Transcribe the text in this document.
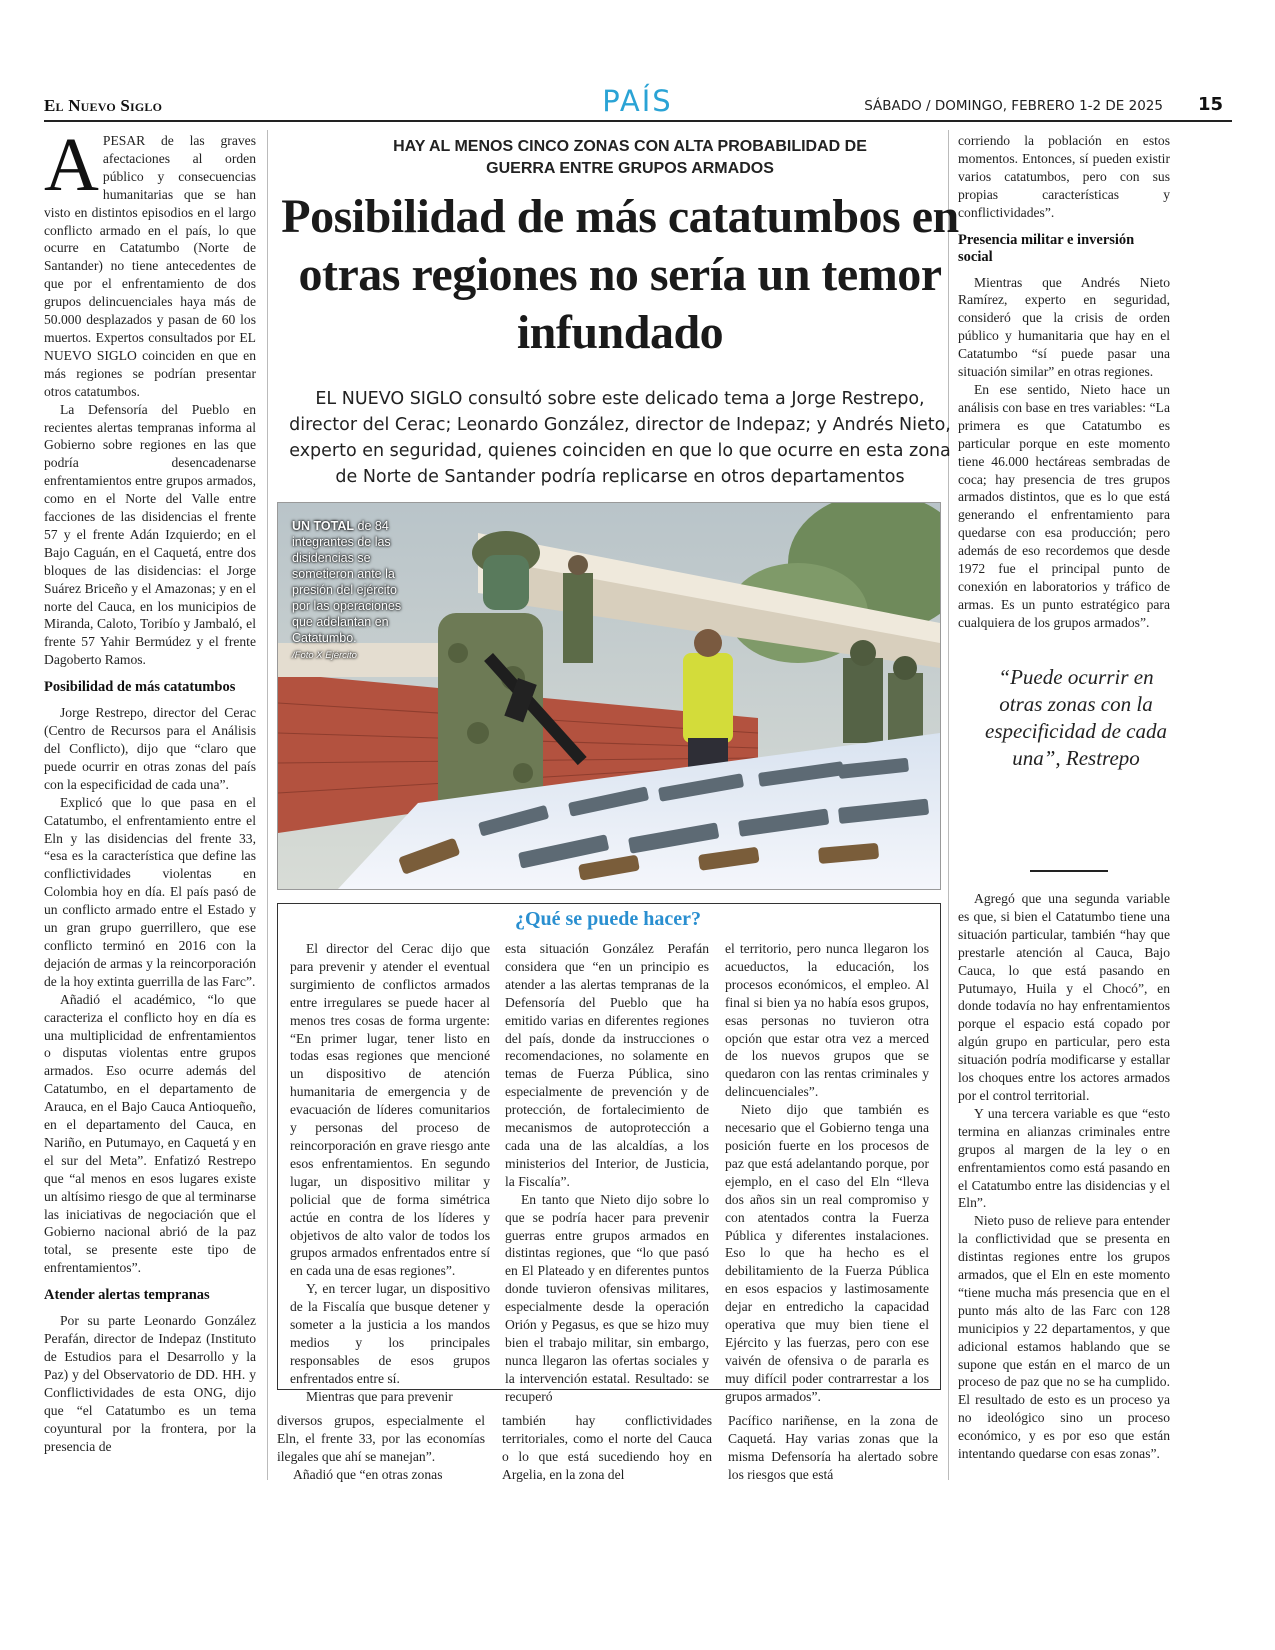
El Nuevo Siglo	PAÍS	SÁBADO / DOMINGO, FEBRERO 1-2 DE 2025 15

APESAR de las graves afectaciones al orden público y consecuencias humanitarias que se han visto en distintos episodios en el largo conflicto armado en el país, lo que ocurre en Catatumbo (Norte de Santander) no tiene antecedentes de que por el enfrentamiento de dos grupos delincuenciales haya más de 50.000 desplazados y pasan de 60 los muertos. Expertos consultados por EL NUEVO SIGLO coinciden en que en más regiones se podrían presentar otros catatumbos.

La Defensoría del Pueblo en recientes alertas tempranas informa al Gobierno sobre regiones en las que podría desencadenarse enfrentamientos entre grupos armados, como en el Norte del Valle entre facciones de las disidencias el frente 57 y el frente Adán Izquierdo; en el Bajo Caguán, en el Caquetá, entre dos bloques de las disidencias: el Jorge Suárez Briceño y el Amazonas; y en el norte del Cauca, en los municipios de Miranda, Caloto, Toribío y Jambaló, el frente 57 Yahir Bermúdez y el frente Dagoberto Ramos.

Posibilidad de más catatumbos

Jorge Restrepo, director del Cerac (Centro de Recursos para el Análisis del Conflicto), dijo que “claro que puede ocurrir en otras zonas del país con la especificidad de cada una”.

Explicó que lo que pasa en el Catatumbo, el enfrentamiento entre el Eln y las disidencias del frente 33, “esa es la característica que define las conflictividades violentas en Colombia hoy en día. El país pasó de un conflicto armado entre el Estado y un gran grupo guerrillero, que ese conflicto terminó en 2016 con la dejación de armas y la reincorporación de la hoy extinta guerrilla de las Farc”.

Añadió el académico, “lo que caracteriza el conflicto hoy en día es una multiplicidad de enfrentamientos o disputas violentas entre grupos armados. Eso ocurre además del Catatumbo, en el departamento de Arauca, en el Bajo Cauca Antioqueño, en el departamento del Cauca, en Nariño, en Putumayo, en Caquetá y en el sur del Meta”. Enfatizó Restrepo que “al menos en esos lugares existe un altísimo riesgo de que al terminarse las iniciativas de negociación que el Gobierno nacional abrió de la paz total, se presente este tipo de enfrentamientos”.

Atender alertas tempranas

Por su parte Leonardo González Perafán, director de Indepaz (Instituto de Estudios para el Desarrollo y la Paz) y del Observatorio de DD. HH. y Conflictividades de esta ONG, dijo que “el Catatumbo es un tema coyuntural por la frontera, por la presencia de

HAY AL MENOS CINCO ZONAS CON ALTA PROBABILIDAD DE GUERRA ENTRE GRUPOS ARMADOS
Posibilidad de más catatumbos en otras regiones no sería un temor infundado
EL NUEVO SIGLO consultó sobre este delicado tema a Jorge Restrepo, director del Cerac; Leonardo González, director de Indepaz; y Andrés Nieto, experto en seguridad, quienes coinciden en que lo que ocurre en esta zona de Norte de Santander podría replicarse en otros departamentos
UN TOTAL de 84 integrantes de las disidencias se sometieron ante la presión del ejército por las operaciones que adelantan en Catatumbo.
/Foto X Ejército
¿Qué se puede hacer?

El director del Cerac dijo que para prevenir y atender el eventual surgimiento de conflictos armados entre irregulares se puede hacer al menos tres cosas de forma urgente: “En primer lugar, tener listo en todas esas regiones que mencioné un dispositivo de atención humanitaria de emergencia y de evacuación de líderes comunitarios y personas del proceso de reincorporación en grave riesgo ante esos enfrentamientos. En segundo lugar, un dispositivo militar y policial que de forma simétrica actúe en contra de los líderes y objetivos de alto valor de todos los grupos armados enfrentados entre sí en cada una de esas regiones”.

Y, en tercer lugar, un dispositivo de la Fiscalía que busque detener y someter a la justicia a los mandos medios y los principales responsables de esos grupos enfrentados entre sí.

Mientras que para prevenir

esta situación González Perafán considera que “en un principio es atender a las alertas tempranas de la Defensoría del Pueblo que ha emitido varias en diferentes regiones del país, donde da instrucciones o recomendaciones, no solamente en temas de Fuerza Pública, sino especialmente de prevención y de protección, de fortalecimiento de mecanismos de autoprotección a cada una de las alcaldías, a los ministerios del Interior, de Justicia, la Fiscalía”.

En tanto que Nieto dijo sobre lo que se podría hacer para prevenir guerras entre grupos armados en distintas regiones, que “lo que pasó en El Plateado y en diferentes puntos donde tuvieron ofensivas militares, especialmente desde la operación Orión y Pegasus, es que se hizo muy bien el trabajo militar, sin embargo, nunca llegaron las ofertas sociales y la intervención estatal. Resultado: se recuperó

el territorio, pero nunca llegaron los acueductos, la educación, los procesos económicos, el empleo. Al final si bien ya no había esos grupos, esas personas no tuvieron otra opción que estar otra vez a merced de los nuevos grupos que se quedaron con las rentas criminales y delincuenciales”.

Nieto dijo que también es necesario que el Gobierno tenga una posición fuerte en los procesos de paz que está adelantando porque, por ejemplo, en el caso del Eln “lleva dos años sin un real compromiso y con atentados contra la Fuerza Pública y diferentes instalaciones. Eso lo que ha hecho es el debilitamiento de la Fuerza Pública en esos espacios y lastimosamente dejar en entredicho la capacidad operativa que muy bien tiene el Ejército y las fuerzas, pero con ese vaivén de ofensiva o de pararla es muy difícil poder contrarrestar a los grupos armados”.

diversos grupos, especialmente el Eln, el frente 33, por las economías ilegales que ahí se manejan”.

Añadió que “en otras zonas

también hay conflictividades territoriales, como el norte del Cauca o lo que está sucediendo hoy en Argelia, en la zona del

Pacífico nariñense, en la zona de Caquetá. Hay varias zonas que la misma Defensoría ha alertado sobre los riesgos que está

corriendo la población en estos momentos. Entonces, sí pueden existir varios catatumbos, pero con sus propias características y conflictividades”.

Presencia militar e inversión social

Mientras que Andrés Nieto Ramírez, experto en seguridad, consideró que la crisis de orden público y humanitaria que hay en el Catatumbo “sí puede pasar una situación similar” en otras regiones.

En ese sentido, Nieto hace un análisis con base en tres variables: “La primera es que Catatumbo es particular porque en este momento tiene 46.000 hectáreas sembradas de coca; hay presencia de tres grupos armados distintos, que es lo que está generando el enfrentamiento para quedarse con esa producción; pero además de eso recordemos que desde 1972 fue el principal punto de conexión en laboratorios y tráfico de armas. Es un punto estratégico para cualquiera de los grupos armados”.

“Puede ocurrir en otras zonas con la especificidad de cada una”, Restrepo

Agregó que una segunda variable es que, si bien el Catatumbo tiene una situación particular, también “hay que prestarle atención al Cauca, Bajo Cauca, lo que está pasando en Putumayo, Huila y el Chocó”, en donde todavía no hay enfrentamientos porque el espacio está copado por algún grupo en particular, pero esta situación podría modificarse y estallar los choques entre los actores armados por el control territorial.

Y una tercera variable es que “esto termina en alianzas criminales entre grupos al margen de la ley o en enfrentamientos como está pasando en el Catatumbo entre las disidencias y el Eln”.

Nieto puso de relieve para entender la conflictividad que se presenta en distintas regiones entre los grupos armados, que el Eln en este momento “tiene mucha más presencia que en el punto más alto de las Farc con 128 municipios y 22 departamentos, y que adicional estamos hablando que se supone que están en el marco de un proceso de paz que no se ha cumplido. El resultado de esto es un proceso ya no ideológico sino un proceso económico, y es por eso que están intentando quedarse con esas zonas”.
